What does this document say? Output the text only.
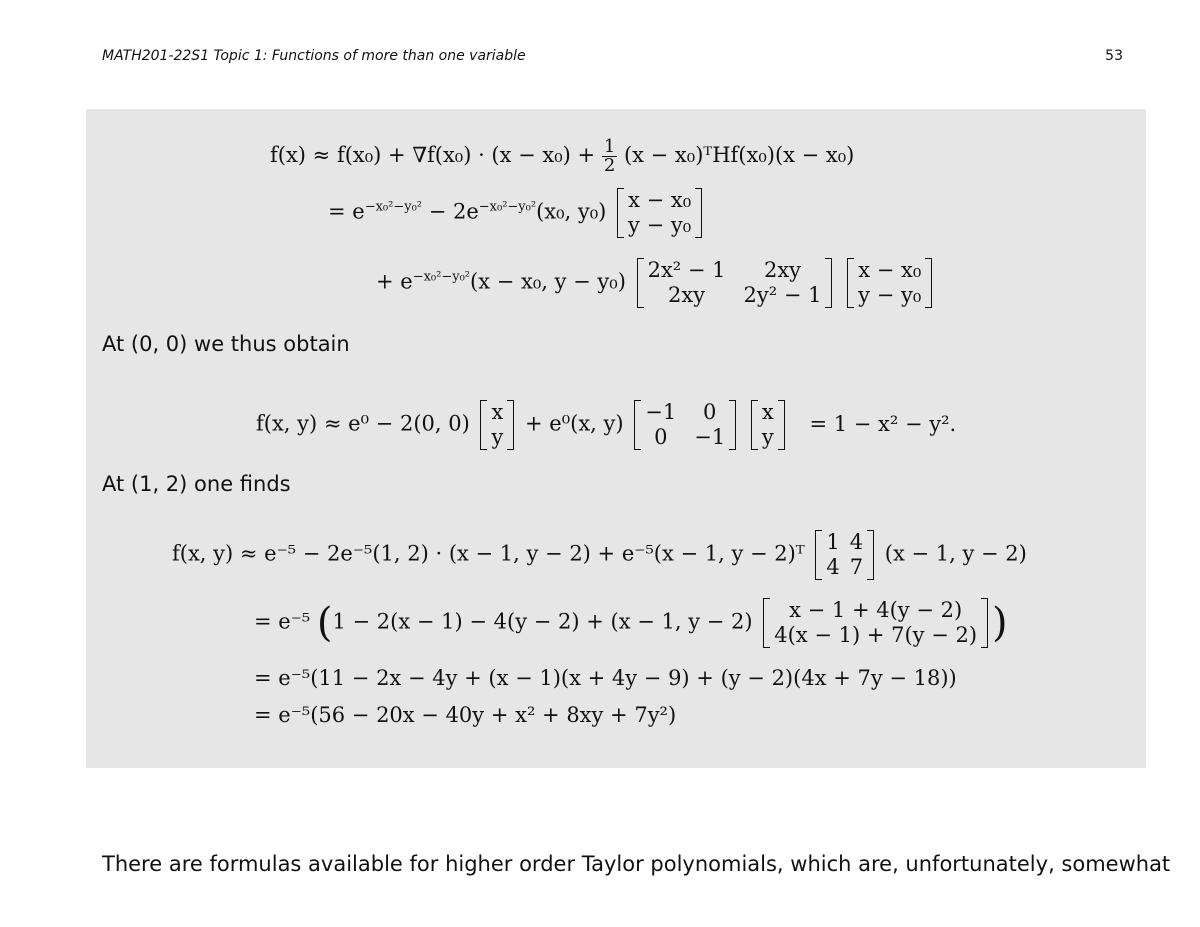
MATH201-22S1 Topic 1: Functions of more than one variable	53
$f(x) \approx f(x_0) + \nabla f(x_0) \cdot (x - x_0) + \frac{1}{2} (x$ − x₀)ᵀHf(x₀)(x − x₀)
= $e^{-x_0^2-y_0^2} - 2e^{-x_0^2-y_0^2}(x_0$, y₀) x − x₀
y − y₀
+ $e^{-x_0^2-y_0^2}(x - x_0$, y − y₀) 2x² − 1	2xy
2xy	2y² − 1

x − x₀
y − y₀
At (0, 0) we thus obtain
f(x, y) ≈ e⁰ − 2(0, 0) x
y
+ e⁰(x, y) −1	0
0	−1

x
y
= 1 − x² − y².
At (1, 2) one finds
f(x, y) ≈ e⁻⁵ − 2e⁻⁵(1, 2) · (x − 1, y − 2) + e⁻⁵(x − 1, y − 2)ᵀ 1 4
4 7
(x − 1, y − 2)
= e⁻⁵ (1 − 2(x − 1) − 4(y − 2) + (x − 1, y − 2)	x − 1 + 4(y − 2)
4(x − 1) + 7(y − 2) )
= e⁻⁵(11 − 2x − 4y + (x − 1)(x + 4y − 9) + (y − 2)(4x + 7y − 18))
= e⁻⁵(56 − 20x − 40y + x² + 8xy + 7y²)
There are formulas available for higher order Taylor polynomials, which are, unfortunately, somewhat
